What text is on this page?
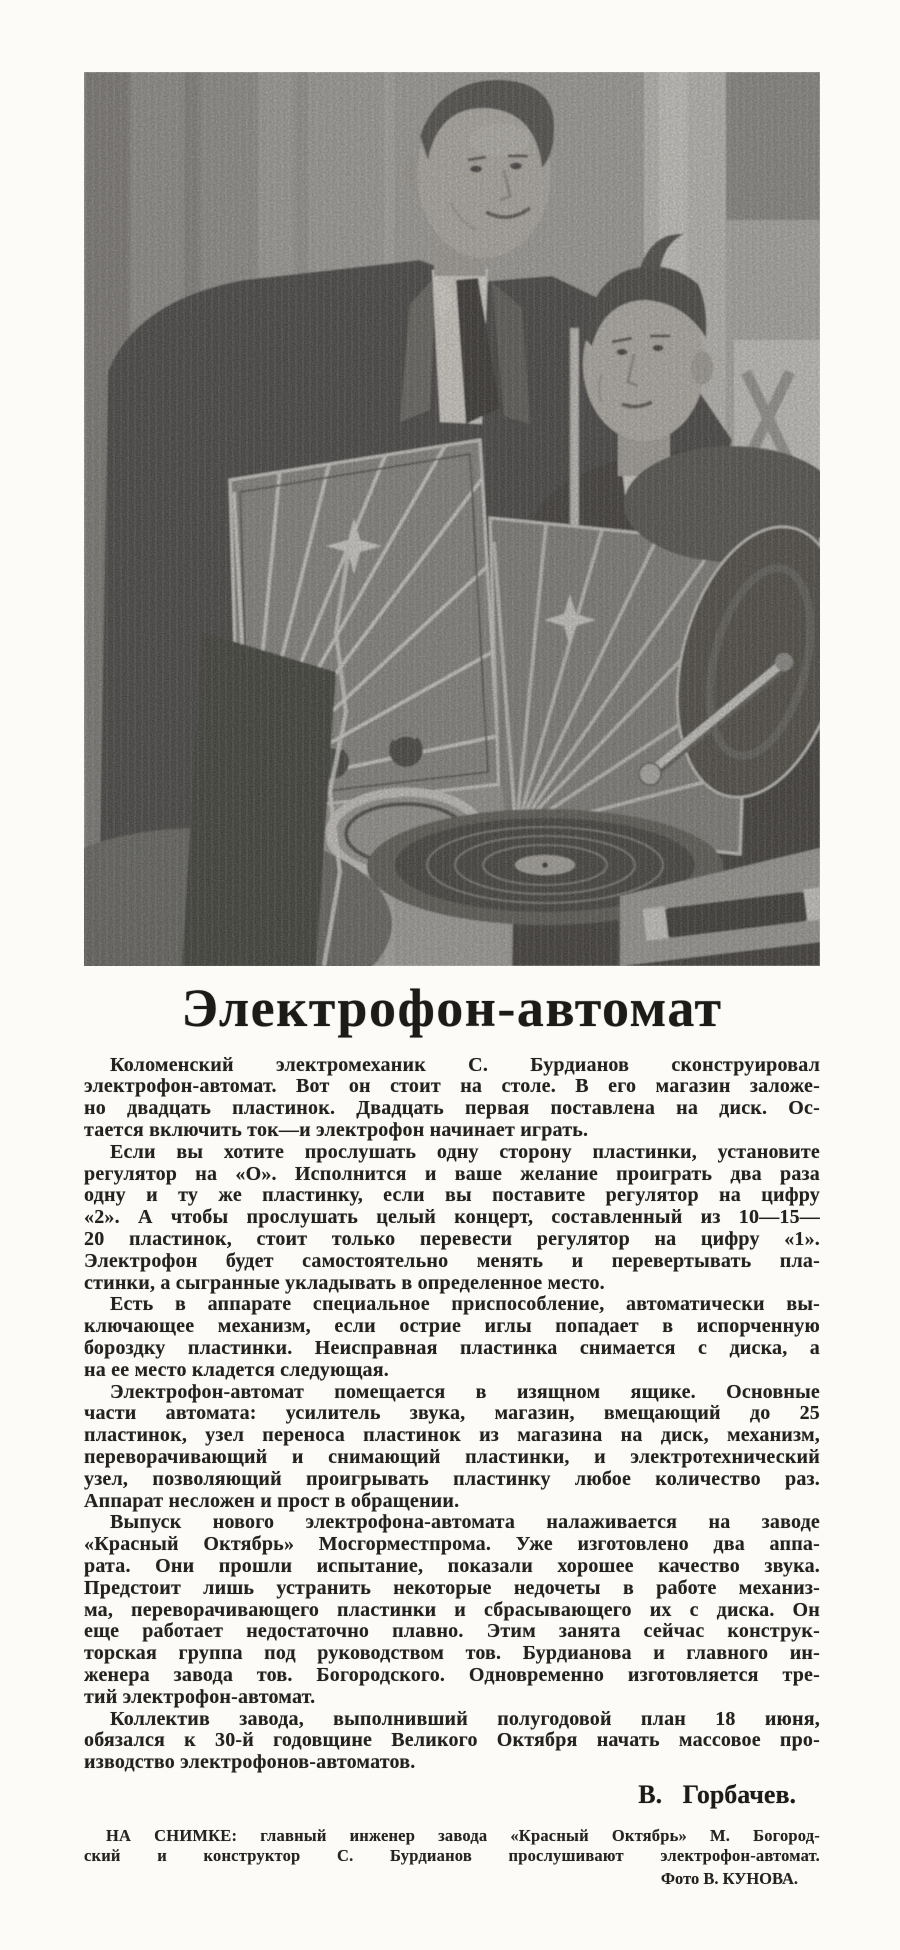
Электрофон-автомат
Коломенский электромеханик С. Бурдианов сконструировал
электрофон-автомат. Вот он стоит на столе. В его магазин заложе-
но двадцать пластинок. Двадцать первая поставлена на диск. Ос-
тается включить ток—и электрофон начинает играть.
Если вы хотите прослушать одну сторону пластинки, установите
регулятор на «О». Исполнится и ваше желание проиграть два раза
одну и ту же пластинку, если вы поставите регулятор на цифру
«2». А чтобы прослушать целый концерт, составленный из 10—15—
20 пластинок, стоит только перевести регулятор на цифру «1».
Электрофон будет самостоятельно менять и перевертывать пла-
стинки, а сыгранные укладывать в определенное место.
Есть в аппарате специальное приспособление, автоматически вы-
ключающее механизм, если острие иглы попадает в испорченную
бороздку пластинки. Неисправная пластинка снимается с диска, а
на ее место кладется следующая.
Электрофон-автомат помещается в изящном ящике. Основные
части автомата: усилитель звука, магазин, вмещающий до 25
пластинок, узел переноса пластинок из магазина на диск, механизм,
переворачивающий и снимающий пластинки, и электротехнический
узел, позволяющий проигрывать пластинку любое количество раз.
Аппарат несложен и прост в обращении.
Выпуск нового электрофона-автомата налаживается на заводе
«Красный Октябрь» Мосгорместпрома. Уже изготовлено два аппа-
рата. Они прошли испытание, показали хорошее качество звука.
Предстоит лишь устранить некоторые недочеты в работе механиз-
ма, переворачивающего пластинки и сбрасывающего их с диска. Он
еще работает недостаточно плавно. Этим занята сейчас конструк-
торская группа под руководством тов. Бурдианова и главного ин-
женера завода тов. Богородского. Одновременно изготовляется тре-
тий электрофон-автомат.
Коллектив завода, выполнивший полугодовой план 18 июня,
обязался к 30-й годовщине Великого Октября начать массовое про-
изводство электрофонов-автоматов.
В. Горбачев.
НА СНИМКЕ: главный инженер завода «Красный Октябрь» М. Богород-
ский и конструктор С. Бурдианов прослушивают электрофон-автомат.
Фото В. КУНОВА.
